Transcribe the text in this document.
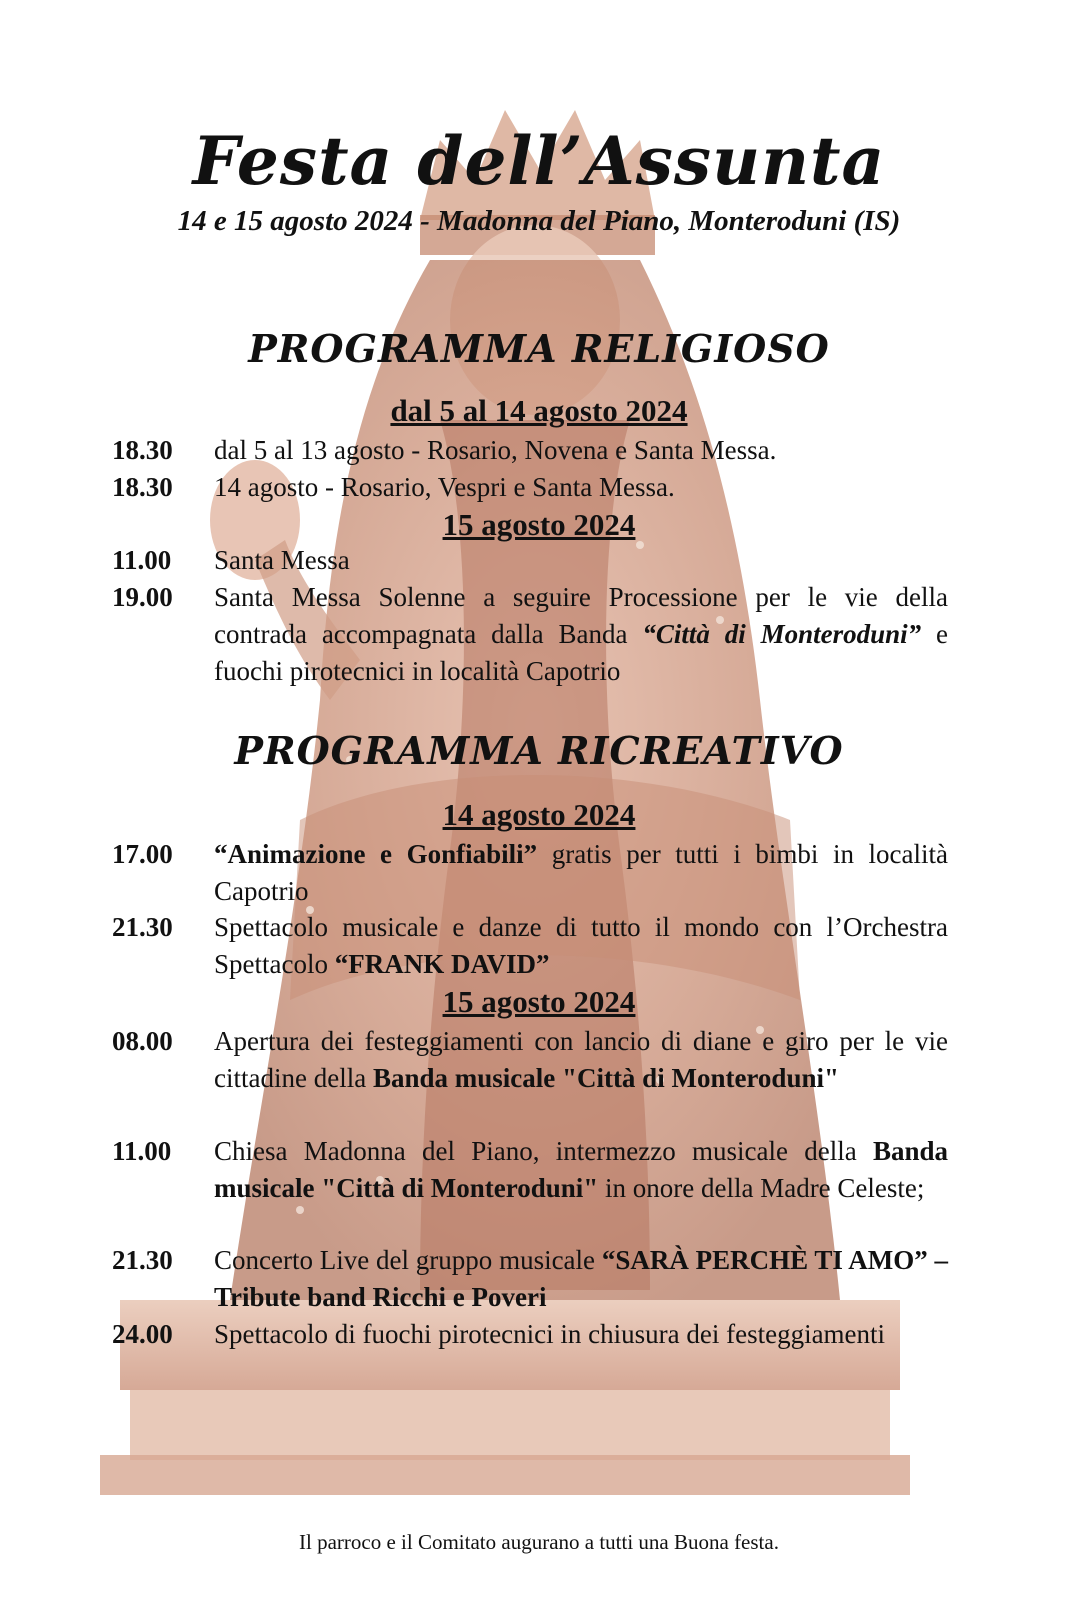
Festa dell’Assunta
14 e 15 agosto 2024 - Madonna del Piano, Monteroduni (IS)
PROGRAMMA RELIGIOSO
dal 5 al 14 agosto 2024
18.30	dal 5 al 13 agosto - Rosario, Novena e Santa Messa.
18.30	14 agosto - Rosario, Vespri e Santa Messa.
15 agosto 2024
11.00	Santa Messa
19.00	Santa Messa Solenne a seguire Processione per le vie della contrada accompagnata dalla Banda “Città di Monteroduni” e fuochi pirotecnici in località Capotrio
PROGRAMMA RICREATIVO
14 agosto 2024
17.00	“Animazione e Gonfiabili” gratis per tutti i bimbi in località Capotrio
21.30	Spettacolo musicale e danze di tutto il mondo con l’Orchestra Spettacolo “FRANK DAVID”
15 agosto 2024
08.00	Apertura dei festeggiamenti con lancio di diane e giro per le vie cittadine della Banda musicale "Città di Monteroduni"
11.00	Chiesa Madonna del Piano, intermezzo musicale della Banda musicale "Città di Monteroduni" in onore della Madre Celeste;
21.30	Concerto Live del gruppo musicale “SARÀ PERCHÈ TI AMO” – Tribute band Ricchi e Poveri
24.00	Spettacolo di fuochi pirotecnici in chiusura dei festeggiamenti
Il parroco e il Comitato augurano a tutti una Buona festa.
